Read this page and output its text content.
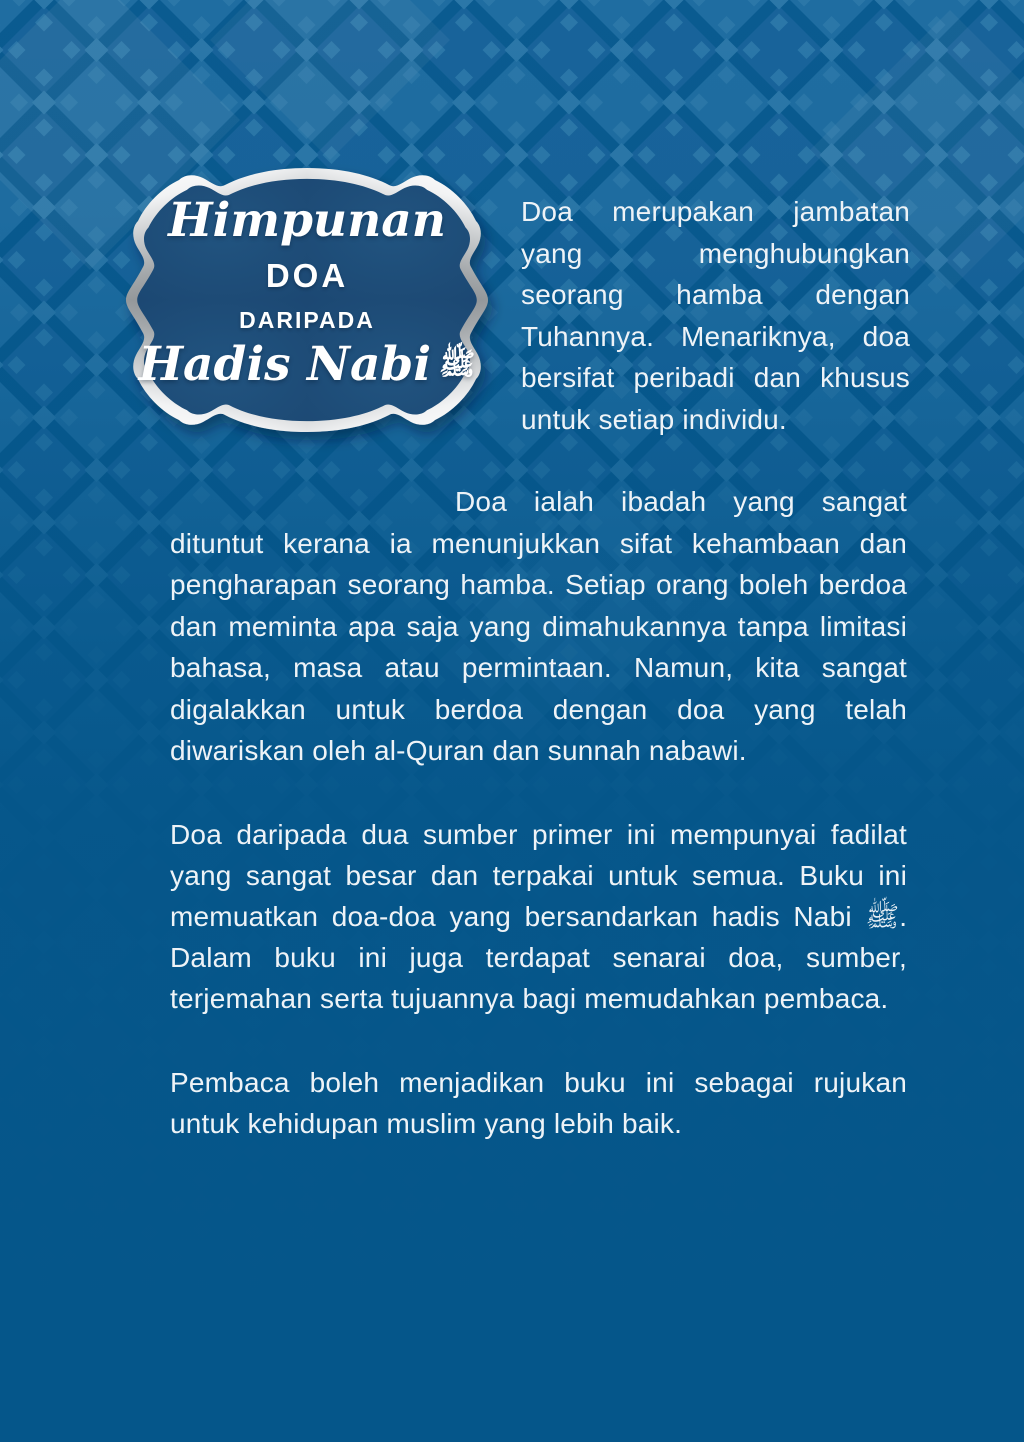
Himpunan
DOA
DARIPADA
Hadis Nabi ﷺ

Doa merupakan jambatan yang menghubungkan seorang hamba dengan Tuhannya. Menariknya, doa bersifat peribadi dan khusus untuk setiap individu.

Doa ialah ibadah yang sangat dituntut kerana ia menunjukkan sifat kehambaan dan pengharapan seorang hamba. Setiap orang boleh berdoa dan meminta apa saja yang dimahukannya tanpa limitasi bahasa, masa atau permintaan. Namun, kita sangat digalakkan untuk berdoa dengan doa yang telah diwariskan oleh al-Quran dan sunnah nabawi.

Doa daripada dua sumber primer ini mempunyai fadilat yang sangat besar dan terpakai untuk semua. Buku ini memuatkan doa-doa yang bersandarkan hadis Nabi ﷺ. Dalam buku ini juga terdapat senarai doa, sumber, terjemahan serta tujuannya bagi memudahkan pembaca.

Pembaca boleh menjadikan buku ini sebagai rujukan untuk kehidupan muslim yang lebih baik.
